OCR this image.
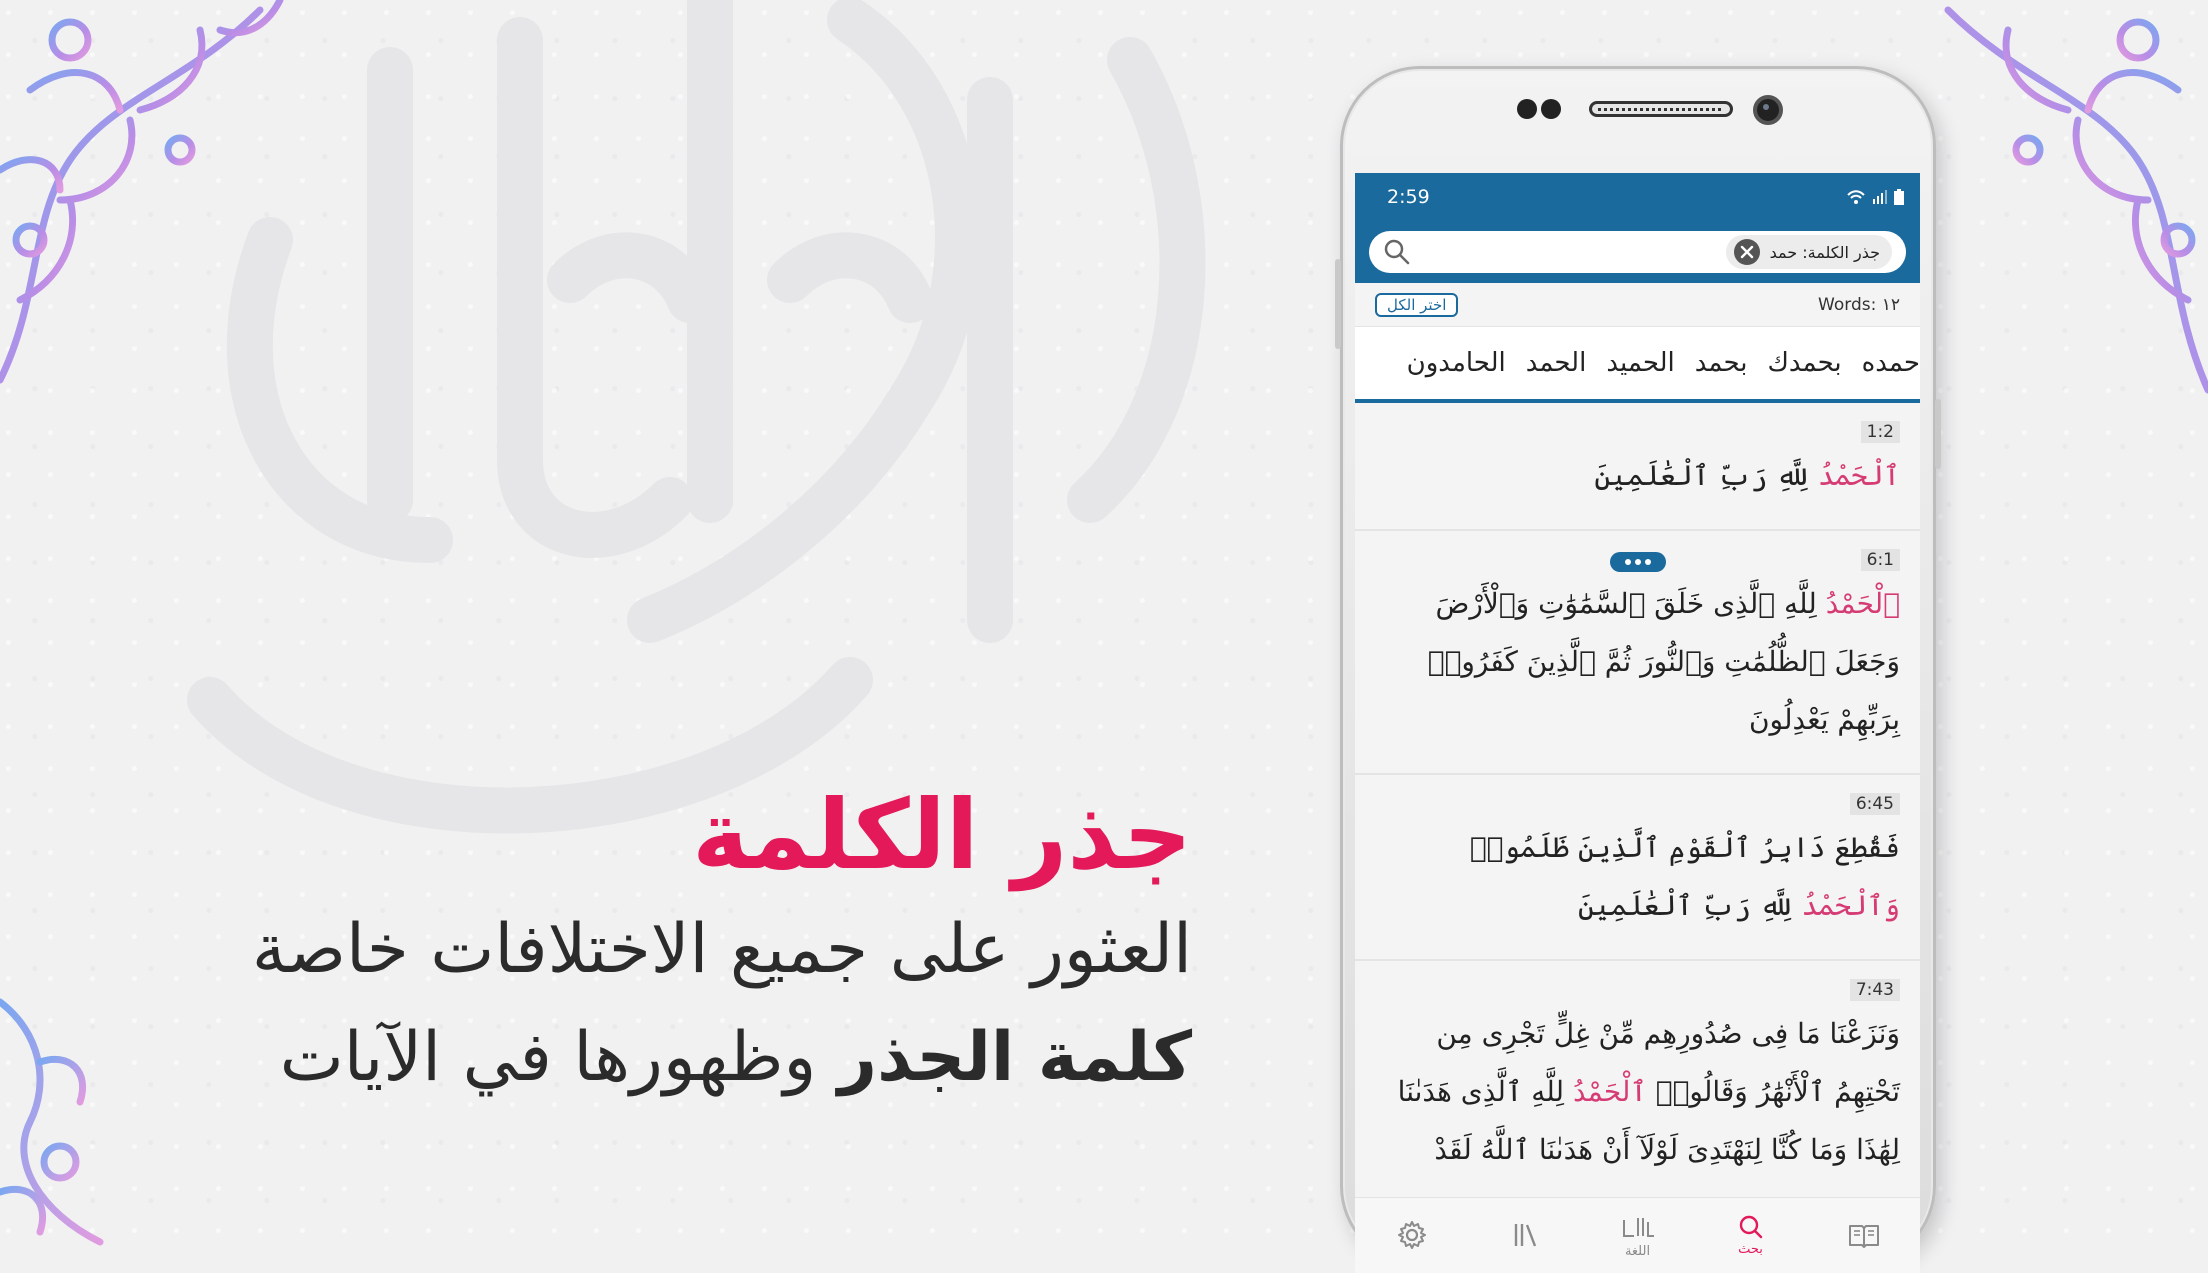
جذر الكلمة
العثور على جميع الاختلافات خاصة
كلمة الجذر وظهورها في الآيات
2:59
جذر الكلمة: حمد
اختر الكل	Words: ١٢
حمده
بحمدك
بحمد
الحميد
الحمد
الحامدون
1:2
ٱلْحَمْدُ لِلَّهِ رَبِّ ٱلْعَٰلَمِينَ
6:1
ٱلْحَمْدُ لِلَّهِ ٱلَّذِى خَلَقَ ٱلسَّمَٰوَٰتِ وَٱلْأَرْضَ وَجَعَلَ ٱلظُّلُمَٰتِ وَٱلنُّورَ ثُمَّ ٱلَّذِينَ كَفَرُوا۟ بِرَبِّهِمْ يَعْدِلُونَ
6:45
فَقُطِعَ دَابِرُ ٱلْقَوْمِ ٱلَّذِينَ ظَلَمُوا۟ وَٱلْحَمْدُ لِلَّهِ رَبِّ ٱلْعَٰلَمِينَ
7:43
وَنَزَعْنَا مَا فِى صُدُورِهِم مِّنْ غِلٍّ تَجْرِى مِن تَحْتِهِمُ ٱلْأَنْهَٰرُ وَقَالُوا۟ ٱلْحَمْدُ لِلَّهِ ٱلَّذِى هَدَىٰنَا لِهَٰذَا وَمَا كُنَّا لِنَهْتَدِىَ لَوْلَآ أَنْ هَدَىٰنَا ٱللَّهُ لَقَدْ
اللغة	بحث
